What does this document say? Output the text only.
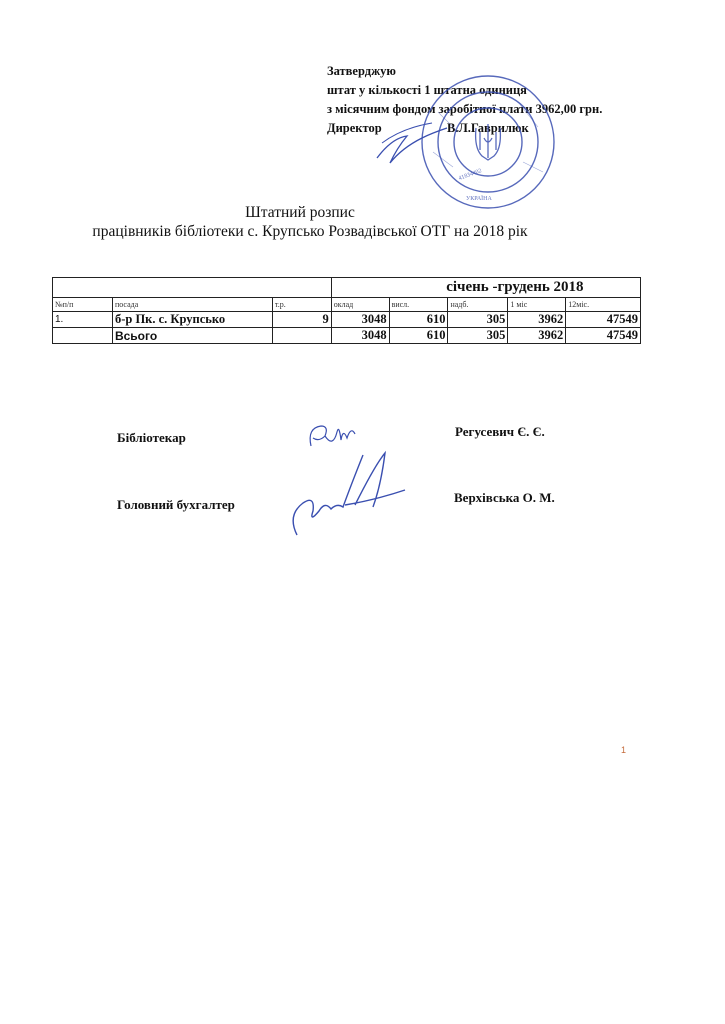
Затверджую
штат у кількості 1 штатна одиниця
з місячним фондом заробітної плати 3962,00 грн.
Директор	В.Л.Гаврилюк
41834402
УКРАЇНА
Штатний розпис
працівників бібліотеки с. Крупсько Розвадівської ОТГ на 2018 рік
			січень -грудень 2018				
№п/п	посада	т.р.	оклад	висл.	надб.	1 міс	12міс.
1.	б-р Пк. с. Крупсько	9	3048	610	305	3962	47549
	Всього		3048	610	305	3962	47549
Бібліотекар	Регусевич Є. Є.
Головний бухгалтер	Верхівська О. М.
1
